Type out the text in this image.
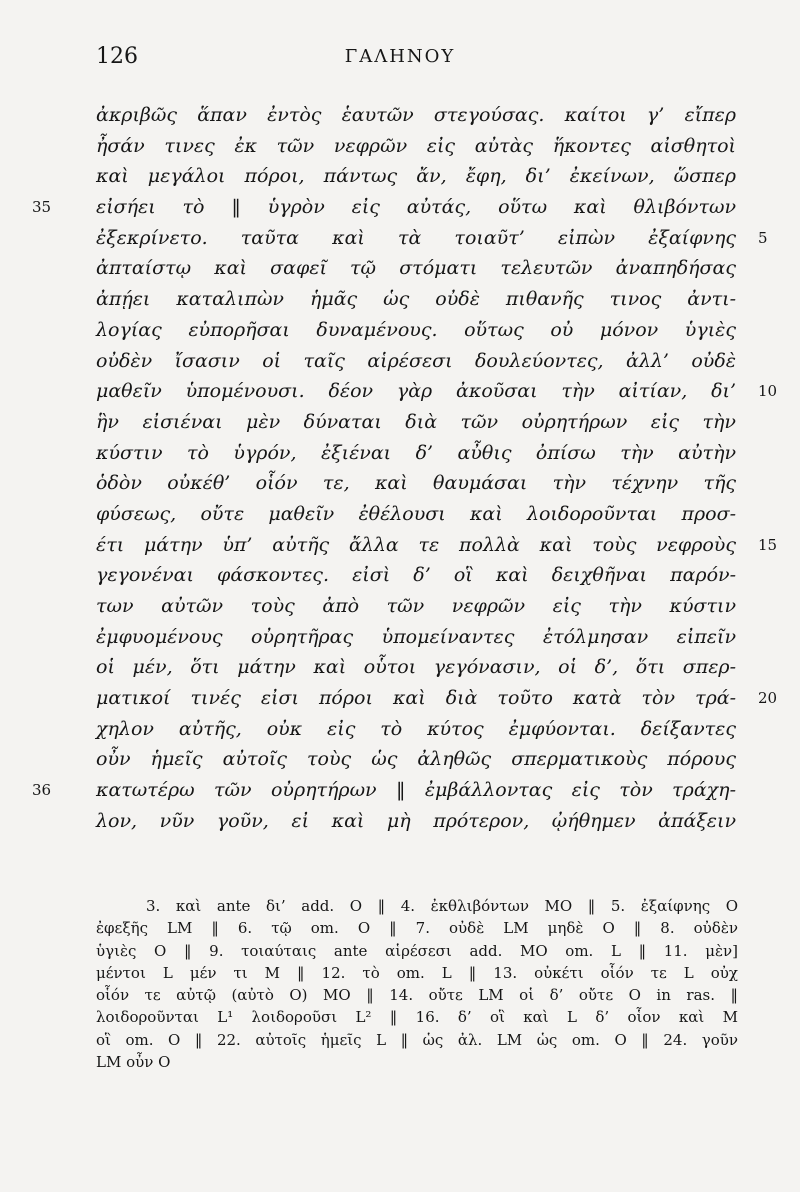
126	ΓΑΛΗΝΟΥ
ἀκριβῶς ἅπαν ἐντὸς ἑαυτῶν στεγούσας. καίτοι γ’ εἴπερ
ἦσάν τινες ἐκ τῶν νεφρῶν εἰς αὐτὰς ἥκοντες αἰσθητοὶ
καὶ μεγάλοι πόροι, πάντως ἄν, ἔφη, δι’ ἐκείνων, ὥσπερ
εἰσήει τὸ ‖ ὑγρὸν εἰς αὐτάς, οὕτω καὶ θλιβόντων
35
ἐξεκρίνετο. ταῦτα καὶ τὰ τοιαῦτ’ εἰπὼν ἐξαίφνης 5
ἀπταίστῳ καὶ σαφεῖ τῷ στόματι τελευτῶν ἀναπηδήσας
ἀπῄει καταλιπὼν ἡμᾶς ὡς οὐδὲ πιθανῆς τινος ἀντι-
λογίας εὐπορῆσαι δυναμένους. οὕτως οὐ μόνον ὑγιὲς
οὐδὲν ἴσασιν οἱ ταῖς αἱρέσεσι δουλεύοντες, ἀλλ’ οὐδὲ
μαθεῖν ὑπομένουσι. δέον γὰρ ἀκοῦσαι τὴν αἰτίαν, δι’ 10
ἣν εἰσιέναι μὲν δύναται διὰ τῶν οὐρητήρων εἰς τὴν
κύστιν τὸ ὑγρόν, ἐξιέναι δ’ αὖθις ὀπίσω τὴν αὐτὴν
ὁδὸν οὐκέθ’ οἷόν τε, καὶ θαυμάσαι τὴν τέχνην τῆς
φύσεως, οὔτε μαθεῖν ἐθέλουσι καὶ λοιδοροῦνται προσ-
έτι μάτην ὑπ’ αὐτῆς ἄλλα τε πολλὰ καὶ τοὺς νεφροὺς 15
γεγονέναι φάσκοντες. εἰσὶ δ’ οἳ καὶ δειχθῆναι παρόν-
των αὐτῶν τοὺς ἀπὸ τῶν νεφρῶν εἰς τὴν κύστιν
ἐμφυομένους οὐρητῆρας ὑπομείναντες ἐτόλμησαν εἰπεῖν
οἱ μέν, ὅτι μάτην καὶ οὗτοι γεγόνασιν, οἱ δ’, ὅτι σπερ-
ματικοί τινές εἰσι πόροι καὶ διὰ τοῦτο κατὰ τὸν τρά- 20
χηλον αὐτῆς, οὐκ εἰς τὸ κύτος ἐμφύονται. δείξαντες
οὖν ἡμεῖς αὐτοῖς τοὺς ὡς ἀληθῶς σπερματικοὺς πόρους
κατωτέρω τῶν οὐρητήρων ‖ ἐμβάλλοντας εἰς τὸν τράχη-
36
λον, νῦν γοῦν, εἰ καὶ μὴ πρότερον, ᾠήθημεν ἀπάξειν
3. καὶ ante δι’ add. O ‖ 4. ἐκθλιβόντων MO ‖ 5. ἐξαίφνης O
ἐφεξῆς LM ‖ 6. τῷ om. O ‖ 7. οὐδὲ LM μηδὲ O ‖ 8. οὐδὲν
ὑγιὲς O ‖ 9. τοιαύταις ante αἱρέσεσι add. MO om. L ‖ 11. μὲν]
μέντοι L μέν τι M ‖ 12. τὸ om. L ‖ 13. οὐκέτι οἷόν τε L οὐχ
οἷόν τε αὐτῷ (αὐτὸ O) MO ‖ 14. οὔτε LM οἱ δ’ οὔτε O in ras. ‖
λοιδοροῦνται L¹ λοιδοροῦσι L² ‖ 16. δ’ οἳ καὶ L δ’ οἷον καὶ M
οἳ om. O ‖ 22. αὐτοῖς ἡμεῖς L ‖ ὡς ἀλ. LM ὡς om. O ‖ 24. γοῦν
LM οὖν O
